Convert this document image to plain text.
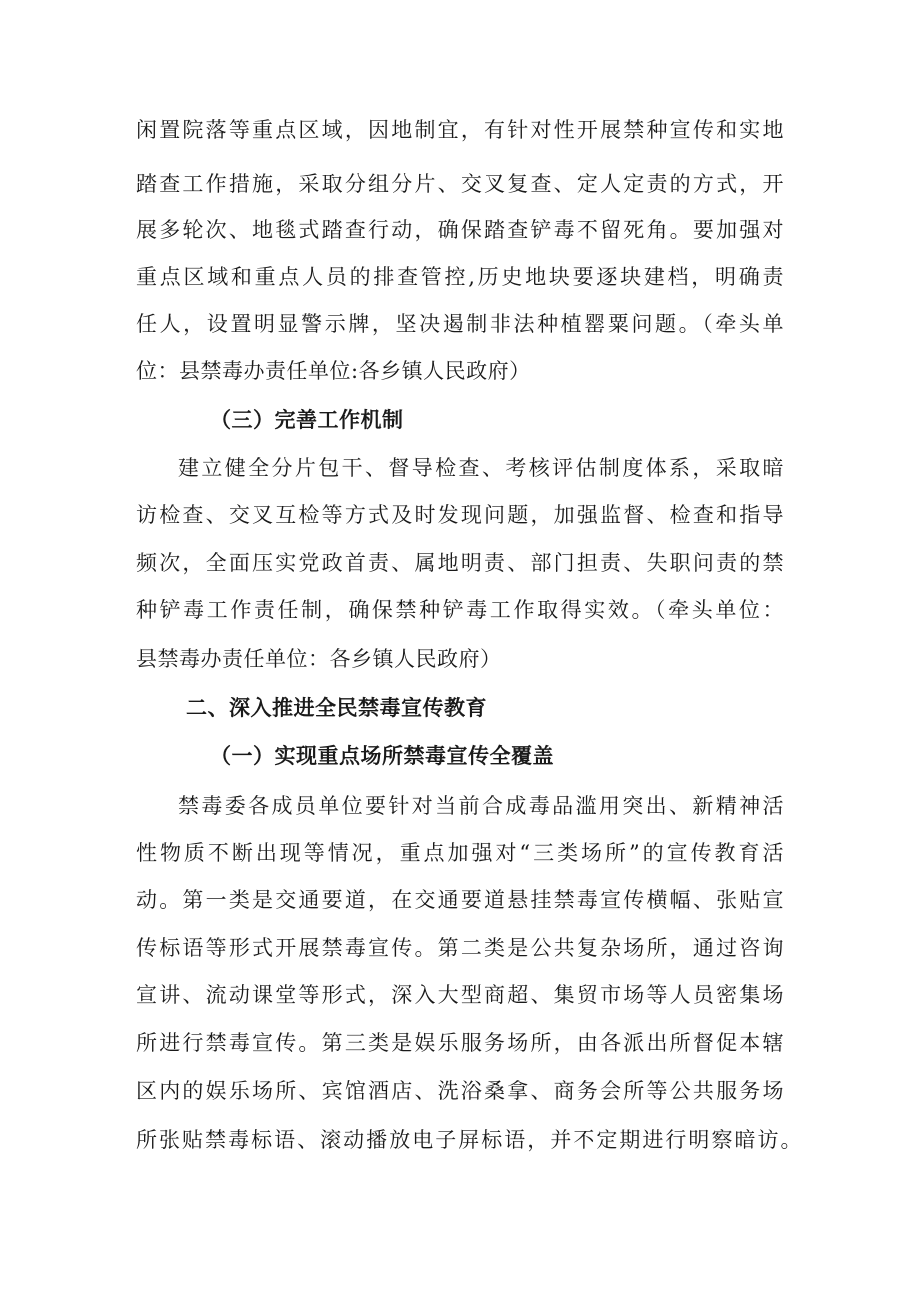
闲置院落等重点区域，因地制宜，有针对性开展禁种宣传和实地
踏查工作措施，采取分组分片、交叉复查、定人定责的方式，开
展多轮次、地毯式踏查行动，确保踏查铲毒不留死角。要加强对
重点区域和重点人员的排查管控,历史地块要逐块建档，明确责
任人，设置明显警示牌，坚决遏制非法种植罂粟问题。（牵头单
位：县禁毒办责任单位:各乡镇人民政府）
（三）完善工作机制
建立健全分片包干、督导检查、考核评估制度体系，采取暗
访检查、交叉互检等方式及时发现问题，加强监督、检查和指导
频次，全面压实党政首责、属地明责、部门担责、失职问责的禁
种铲毒工作责任制，确保禁种铲毒工作取得实效。（牵头单位：
县禁毒办责任单位：各乡镇人民政府）
二、深入推进全民禁毒宣传教育
（一）实现重点场所禁毒宣传全覆盖
禁毒委各成员单位要针对当前合成毒品滥用突出、新精神活
性物质不断出现等情况，重点加强对“三类场所”的宣传教育活
动。第一类是交通要道，在交通要道悬挂禁毒宣传横幅、张贴宣
传标语等形式开展禁毒宣传。第二类是公共复杂场所，通过咨询
宣讲、流动课堂等形式，深入大型商超、集贸市场等人员密集场
所进行禁毒宣传。第三类是娱乐服务场所，由各派出所督促本辖
区内的娱乐场所、宾馆酒店、洗浴桑拿、商务会所等公共服务场
所张贴禁毒标语、滚动播放电子屏标语，并不定期进行明察暗访。
